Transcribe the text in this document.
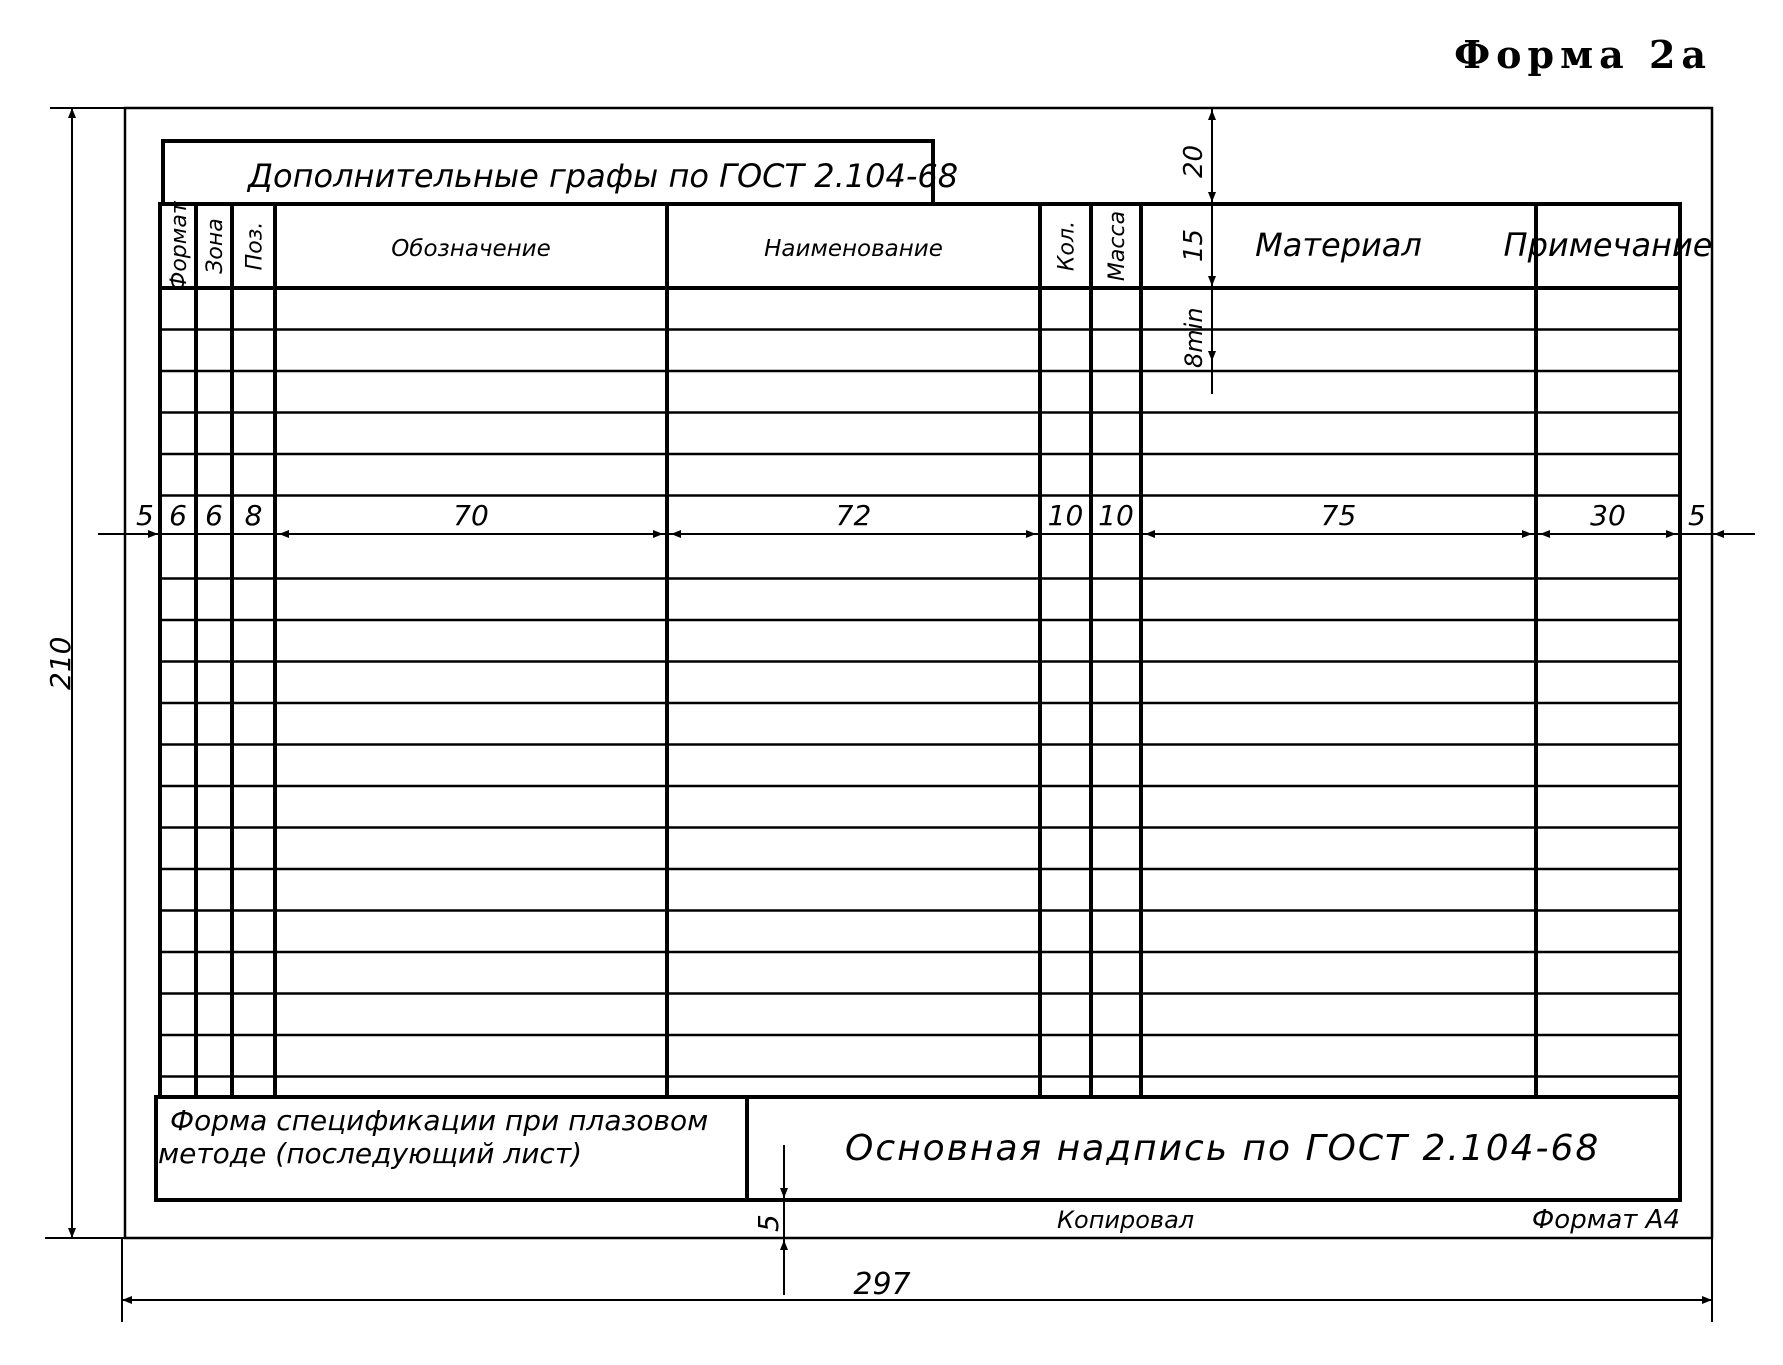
Форма 2а
Дополнительные графы по ГОСТ 2.104-68
Формат Зона Поз.	Обозначение	Наименование	Кол. Масса	Материал	Примечание
6 6 8	70	72	10 10	75	30
5	5
20
15
8min
210
297
Форма спецификации при плазовом
методе (последующий лист)	Основная надпись по ГОСТ 2.104-68
5	Копировал	Формат А4
